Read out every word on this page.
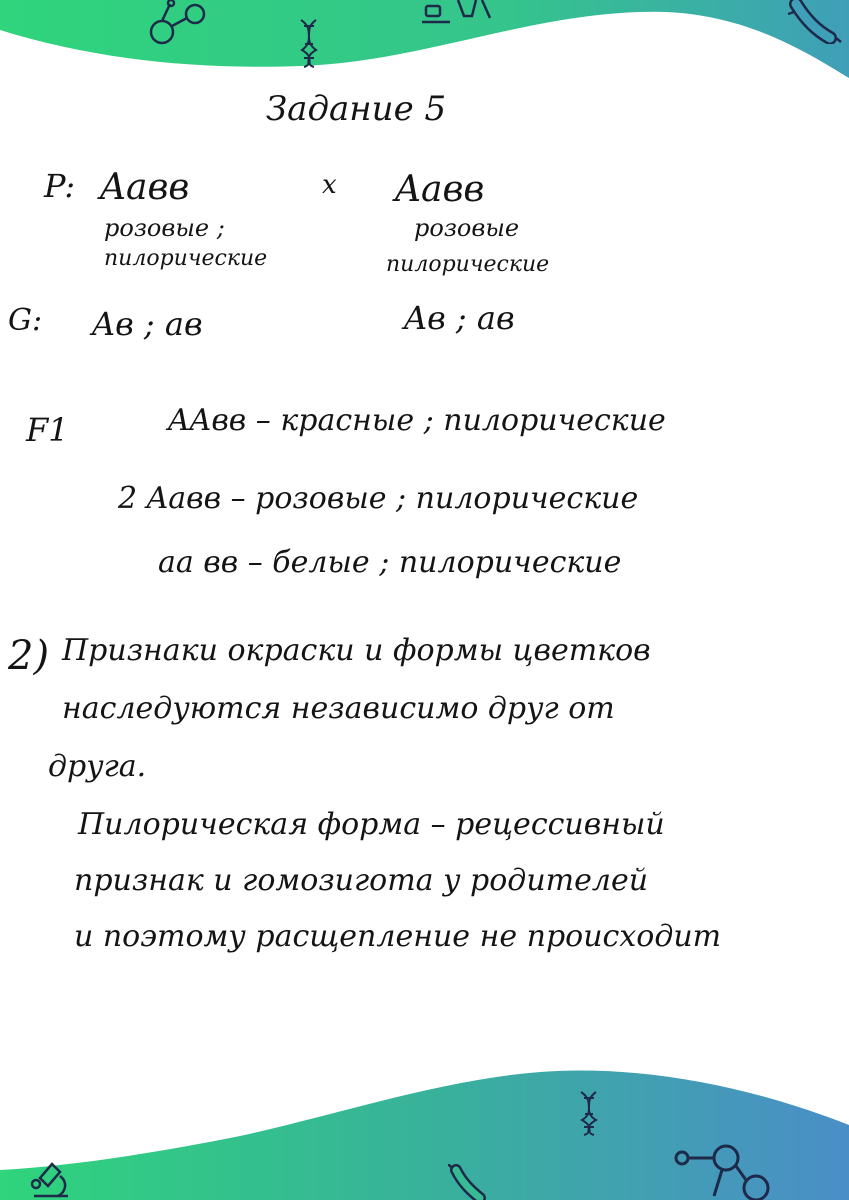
Задание 5
P: Aaвв	x Aaвв
розовые ;
пилорические
розовые
пилорические
G: Aв ; aв	Aв ; aв
F1	AAвв – красные ; пилорические
2 Aaвв – розовые ; пилорические
aa вв – белые ; пилорические
2) Признаки окраски и формы цветков
наследуются независимо друг от
друга.
Пилорическая форма – рецессивный
признак и гомозигота у родителей
и поэтому расщепление не происходит
